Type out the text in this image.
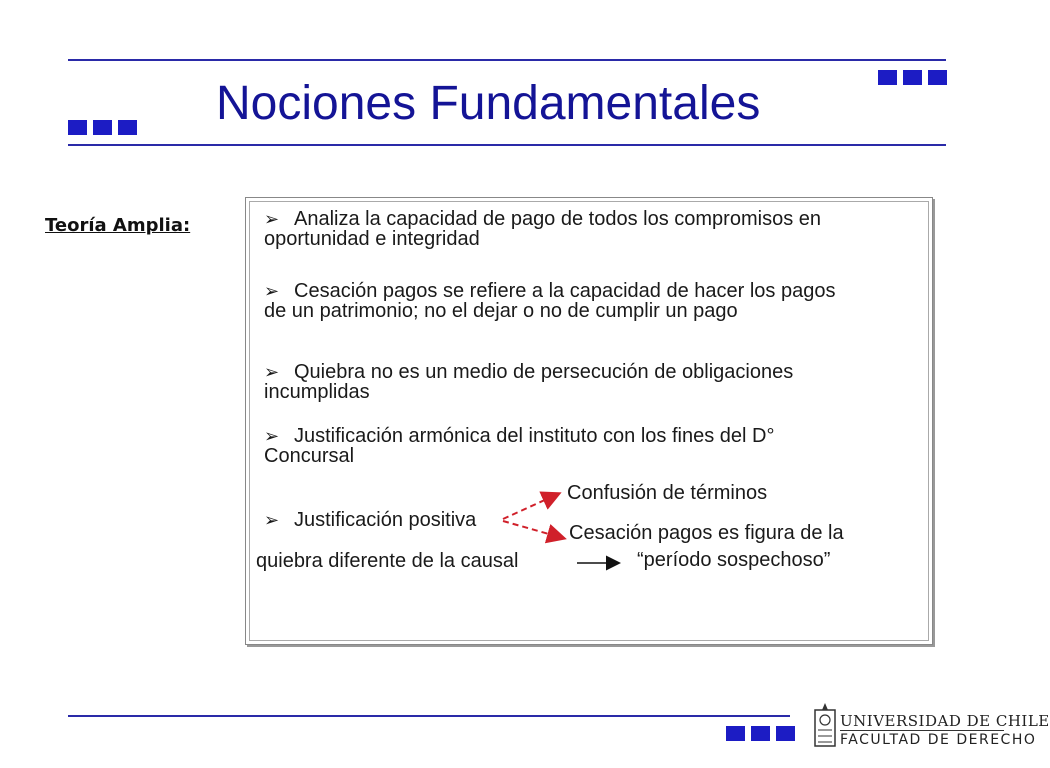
Nociones Fundamentales
Teoría Amplia:	➢ Analiza la capacidad de pago de todos los compromisos en oportunidad e integridad
➢ Cesación pagos se refiere a la capacidad de hacer los pagos de un patrimonio; no el dejar o no de cumplir un pago
➢ Quiebra no es un medio de persecución de obligaciones incumplidas
➢ Justificación armónica del instituto con los fines del D° Concursal
➢ Justificación positiva
Confusión de términos
Cesación pagos es figura de la
quiebra diferente de la causal	“período sospechoso”
UNIVERSIDAD DE CHILE
FACULTAD DE DERECHO
